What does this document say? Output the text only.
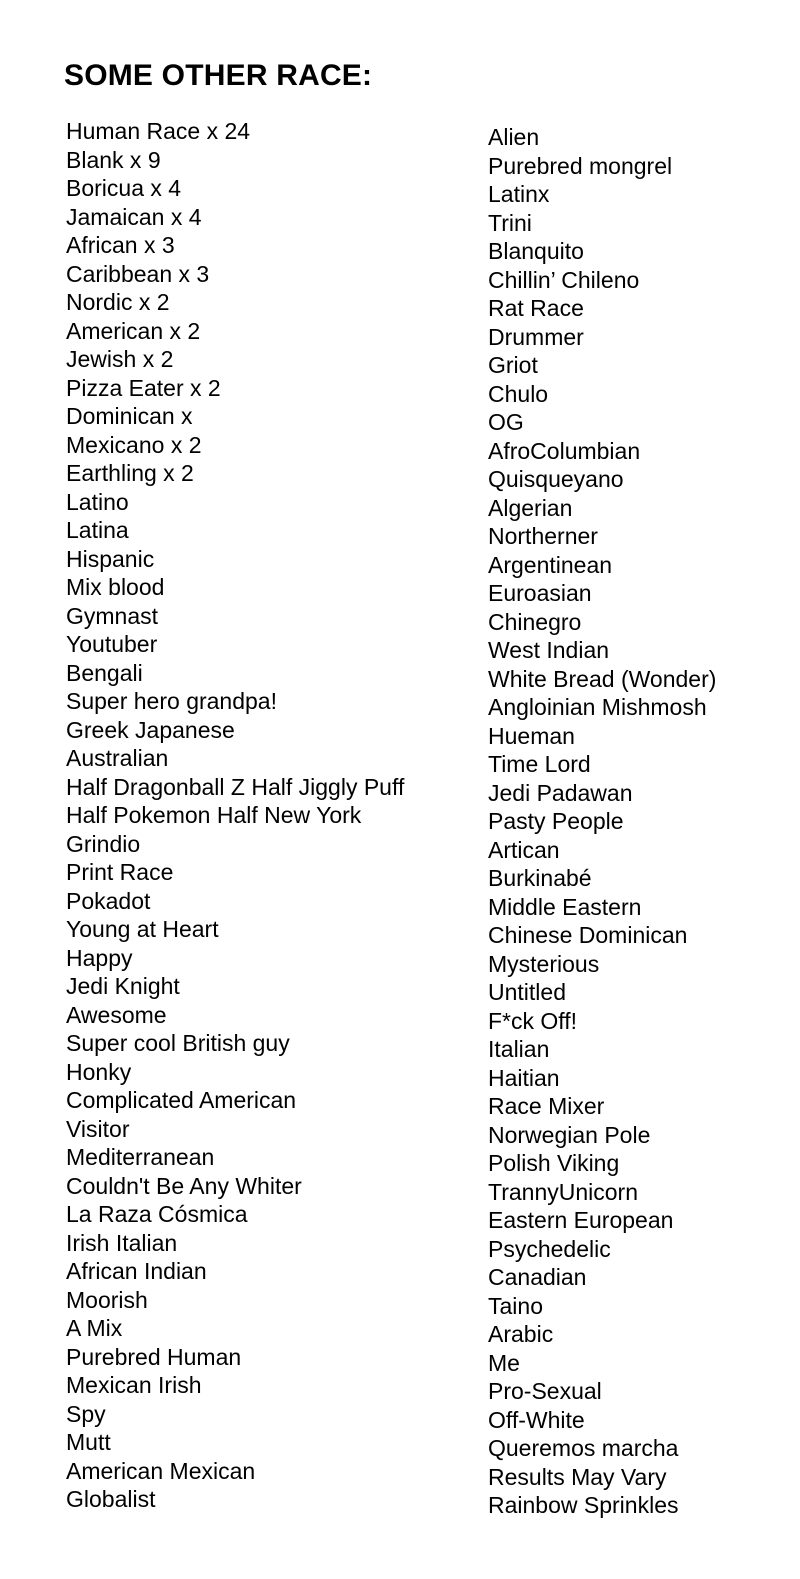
SOME OTHER RACE:
Human Race x 24
Blank x 9
Boricua x 4
Jamaican x 4
African x 3
Caribbean x 3
Nordic x 2
American x 2
Jewish x 2
Pizza Eater x 2
Dominican x
Mexicano x 2
Earthling x 2
Latino
Latina
Hispanic
Mix blood
Gymnast
Youtuber
Bengali
Super hero grandpa!
Greek Japanese
Australian
Half Dragonball Z Half Jiggly Puff
Half Pokemon Half New York
Grindio
Print Race
Pokadot
Young at Heart
Happy
Jedi Knight
Awesome
Super cool British guy
Honky
Complicated American
Visitor
Mediterranean
Couldn't Be Any Whiter
La Raza Cósmica
Irish Italian
African Indian
Moorish
A Mix
Purebred Human
Mexican Irish
Spy
Mutt
American Mexican
Globalist
Alien
Purebred mongrel
Latinx
Trini
Blanquito
Chillin’ Chileno
Rat Race
Drummer
Griot
Chulo
OG
AfroColumbian
Quisqueyano
Algerian
Northerner
Argentinean
Euroasian
Chinegro
West Indian
White Bread (Wonder)
Angloinian Mishmosh
Hueman
Time Lord
Jedi Padawan
Pasty People
Artican
Burkinabé
Middle Eastern
Chinese Dominican
Mysterious
Untitled
F*ck Off!
Italian
Haitian
Race Mixer
Norwegian Pole
Polish Viking
TrannyUnicorn
Eastern European
Psychedelic
Canadian
Taino
Arabic
Me
Pro-Sexual
Off-White
Queremos marcha
Results May Vary
Rainbow Sprinkles
